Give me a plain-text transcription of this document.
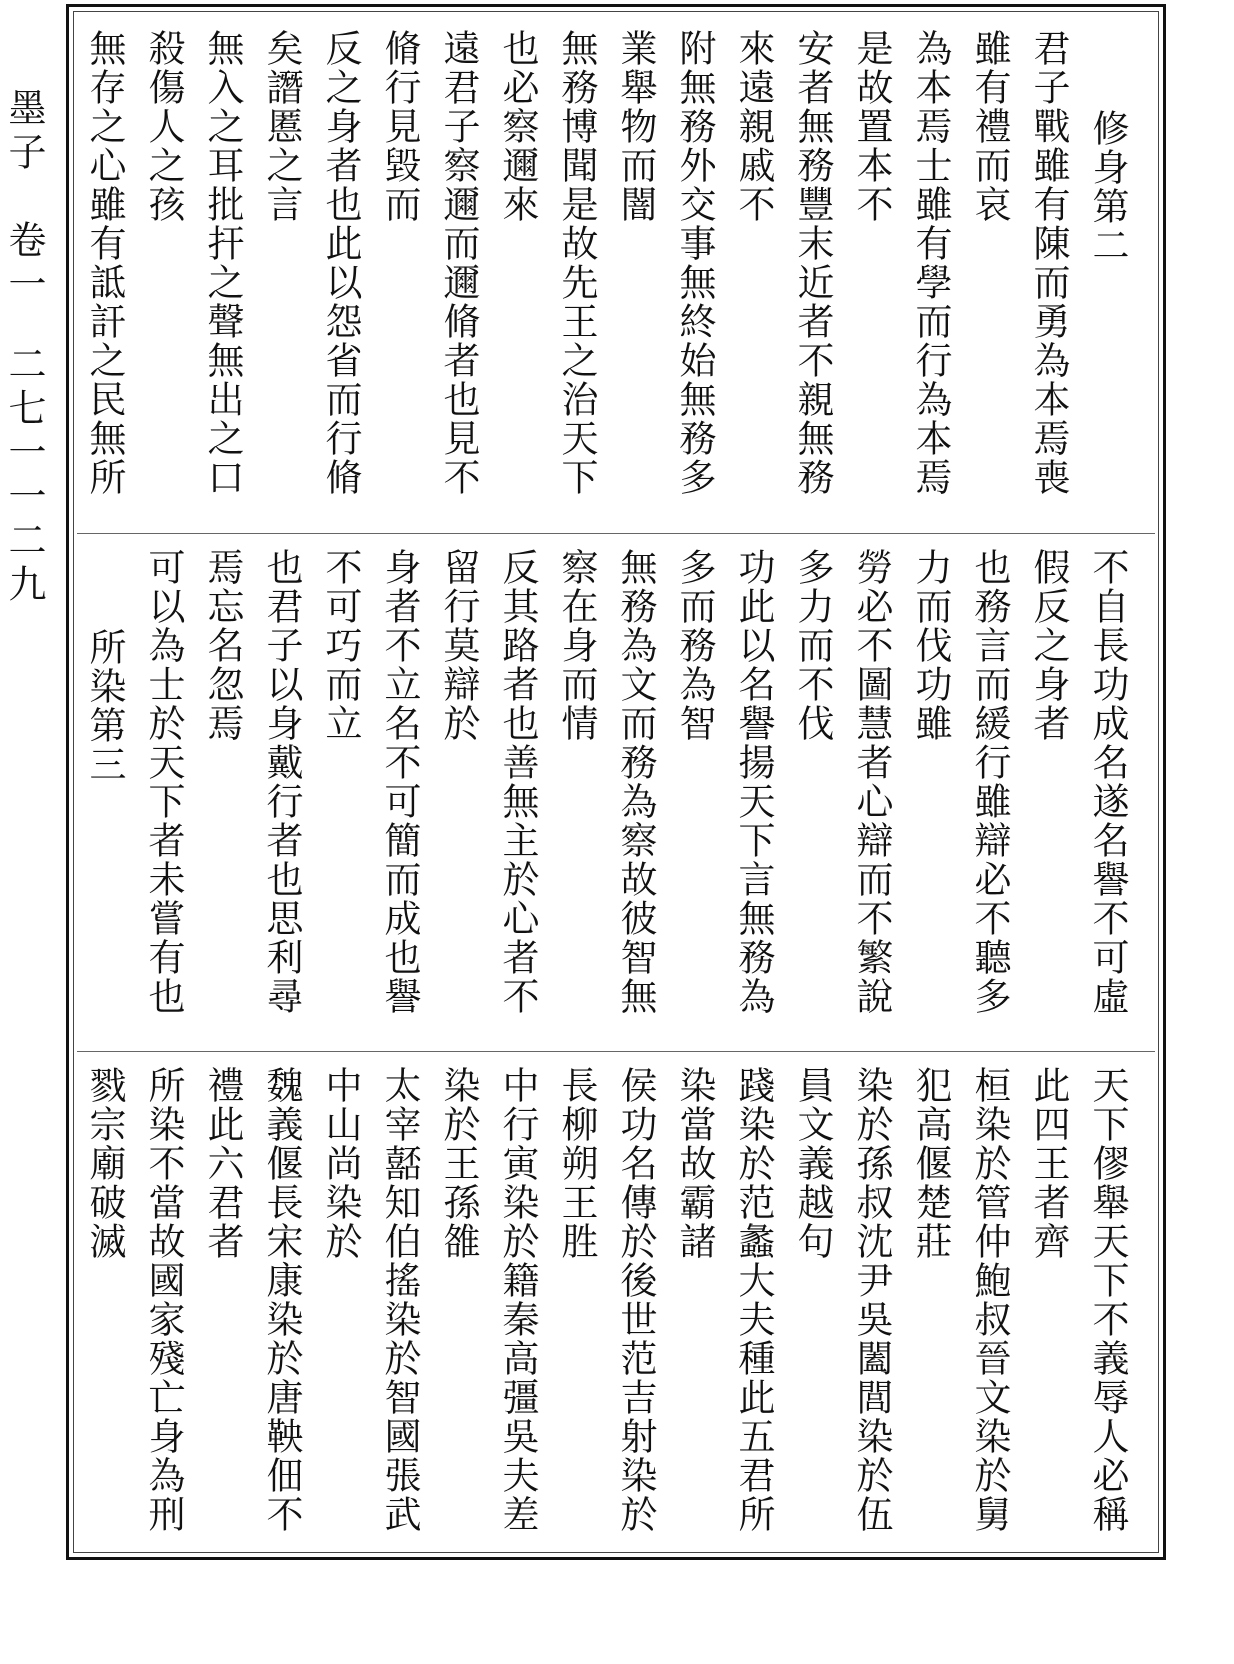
墨子　卷一二七一一二九

修身第二

君子戰雖有陳而勇為本焉喪雖有禮而哀

為本焉士雖有學而行為本焉是故置本不

安者無務豐末近者不親無務來遠親戚不

附無務外交事無終始無務多業舉物而闇

無務博聞是故先王之治天下也必察邇來

遠君子察邇而邇脩者也見不脩行見毀而

反之身者也此以怨省而行脩矣譖慝之言

無入之耳批扞之聲無出之口殺傷人之孩

無存之心雖有詆訐之民無所

不自長功成名遂名譽不可虛假反之身者

也務言而緩行雖辯必不聽多力而伐功雖

勞必不圖慧者心辯而不繁說多力而不伐

功此以名譽揚天下言無務為多而務為智

無務為文而務為察故彼智無察在身而情

反其路者也善無主於心者不留行莫辯於

身者不立名不可簡而成也譽不可巧而立

也君子以身戴行者也思利尋焉忘名忽焉

可以為士於天下者未嘗有也

所染第三

天下僇舉天下不義辱人必稱此四王者齊

桓染於管仲鮑叔晉文染於舅犯高偃楚莊

染於孫叔沈尹吳闔閭染於伍員文義越句

踐染於范蠡大夫種此五君所染當故霸諸

侯功名傳於後世范吉射染於長柳朔王胜

中行寅染於籍秦高彊吳夫差染於王孫雒

太宰嚭知伯搖染於智國張武中山尚染於

魏義偃長宋康染於唐鞅佃不禮此六君者

所染不當故國家殘亡身為刑戮宗廟破滅
